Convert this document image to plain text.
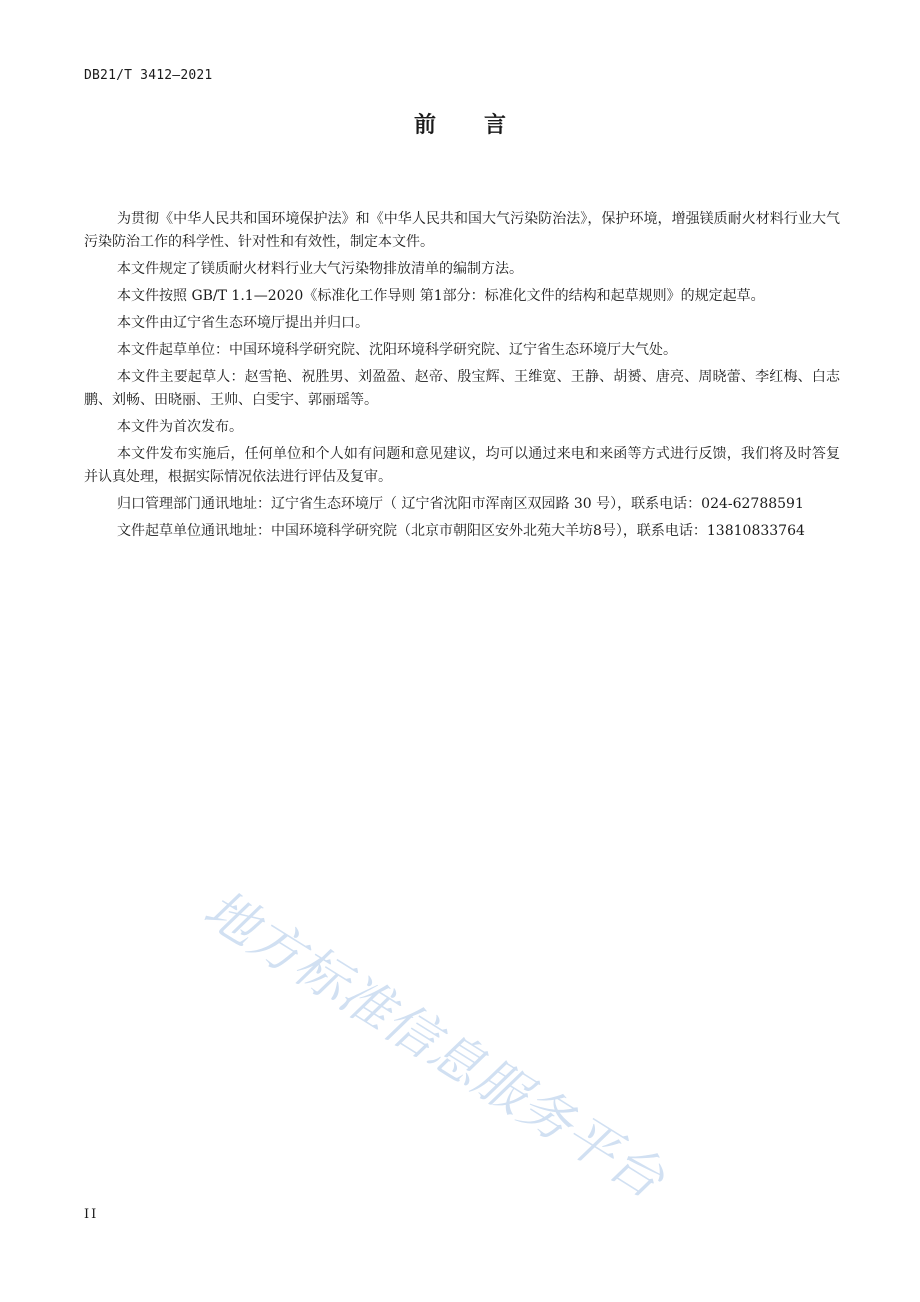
DB21/T 3412—2021
前言

为贯彻《中华人民共和国环境保护法》和《中华人民共和国大气污染防治法》，保护环境，增强镁质耐火材料行业大气污染防治工作的科学性、针对性和有效性，制定本文件。

本文件规定了镁质耐火材料行业大气污染物排放清单的编制方法。

本文件按照 GB/T 1.1—2020《标准化工作导则 第1部分：标准化文件的结构和起草规则》的规定起草。

本文件由辽宁省生态环境厅提出并归口。

本文件起草单位：中国环境科学研究院、沈阳环境科学研究院、辽宁省生态环境厅大气处。

本文件主要起草人：赵雪艳、祝胜男、刘盈盈、赵帝、殷宝辉、王维宽、王静、胡赟、唐亮、周晓蕾、李红梅、白志鹏、刘畅、田晓丽、王帅、白雯宇、郭丽瑶等。

本文件为首次发布。

本文件发布实施后，任何单位和个人如有问题和意见建议，均可以通过来电和来函等方式进行反馈，我们将及时答复并认真处理，根据实际情况依法进行评估及复审。

归口管理部门通讯地址：辽宁省生态环境厅（ 辽宁省沈阳市浑南区双园路 30 号），联系电话：024-62788591

文件起草单位通讯地址：中国环境科学研究院（北京市朝阳区安外北苑大羊坊8号），联系电话：13810833764

地方标准信息服务平台
II
